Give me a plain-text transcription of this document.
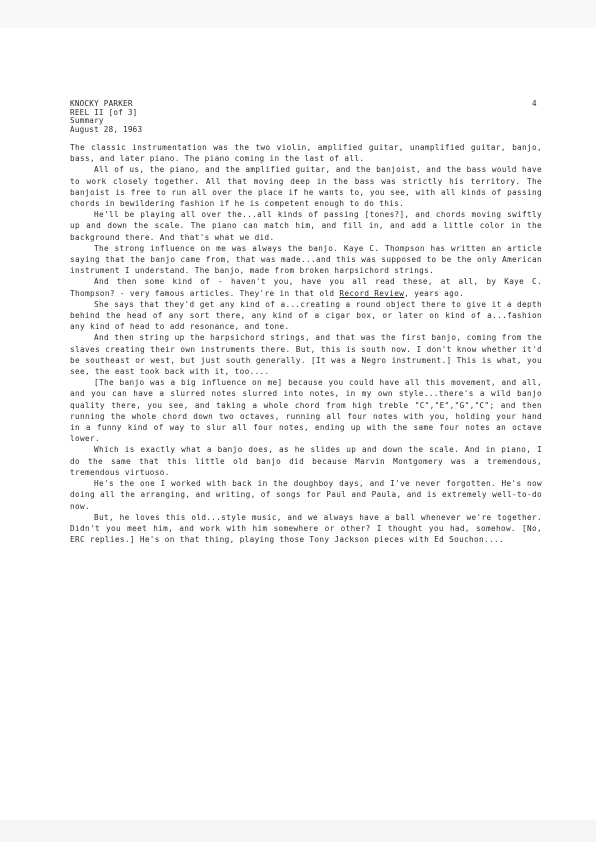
KNOCKY PARKER
REEL II [of 3]
Summary
August 28, 1963
4

The classic instrumentation was the two violin, amplified guitar, unamplified guitar, banjo, bass, and later piano. The piano coming in the last of all.

All of us, the piano, and the amplified guitar, and the banjoist, and the bass would have to work closely together. All that moving deep in the bass was strictly his territory. The banjoist is free to run all over the place if he wants to, you see, with all kinds of passing chords in bewildering fashion if he is competent enough to do this.

He'll be playing all over the...all kinds of passing [tones?], and chords moving swiftly up and down the scale. The piano can match him, and fill in, and add a little color in the background there. And that's what we did.

The strong influence on me was always the banjo. Kaye C. Thompson has written an article saying that the banjo came from, that was made...and this was supposed to be the only American instrument I understand. The banjo, made from broken harpsichord strings.

And then some kind of - haven't you, have you all read these, at all, by Kaye C. Thompson? - very famous articles. They're in that old Record Review, years ago.

She says that they'd get any kind of a...creating a round object there to give it a depth behind the head of any sort there, any kind of a cigar box, or later on kind of a...fashion any kind of head to add resonance, and tone.

And then string up the harpsichord strings, and that was the first banjo, coming from the slaves creating their own instruments there. But, this is south now. I don't know whether it'd be southeast or west, but just south generally. [It was a Negro instrument.] This is what, you see, the east took back with it, too....

[The banjo was a big influence on me] because you could have all this movement, and all, and you can have a slurred notes slurred into notes, in my own style...there's a wild banjo quality there, you see, and taking a whole chord from high treble "C","E","G","C"; and then running the whole chord down two octaves, running all four notes with you, holding your hand in a funny kind of way to slur all four notes, ending up with the same four notes an octave lower.

Which is exactly what a banjo does, as he slides up and down the scale. And in piano, I do the same that this little old banjo did because Marvin Montgomery was a tremendous, tremendous virtuoso.

He's the one I worked with back in the doughboy days, and I've never forgotten. He's now doing all the arranging, and writing, of songs for Paul and Paula, and is extremely well-to-do now.

But, he loves this old...style music, and we always have a ball whenever we're together. Didn't you meet him, and work with him somewhere or other? I thought you had, somehow. [No, ERC replies.] He's on that thing, playing those Tony Jackson pieces with Ed Souchon....
